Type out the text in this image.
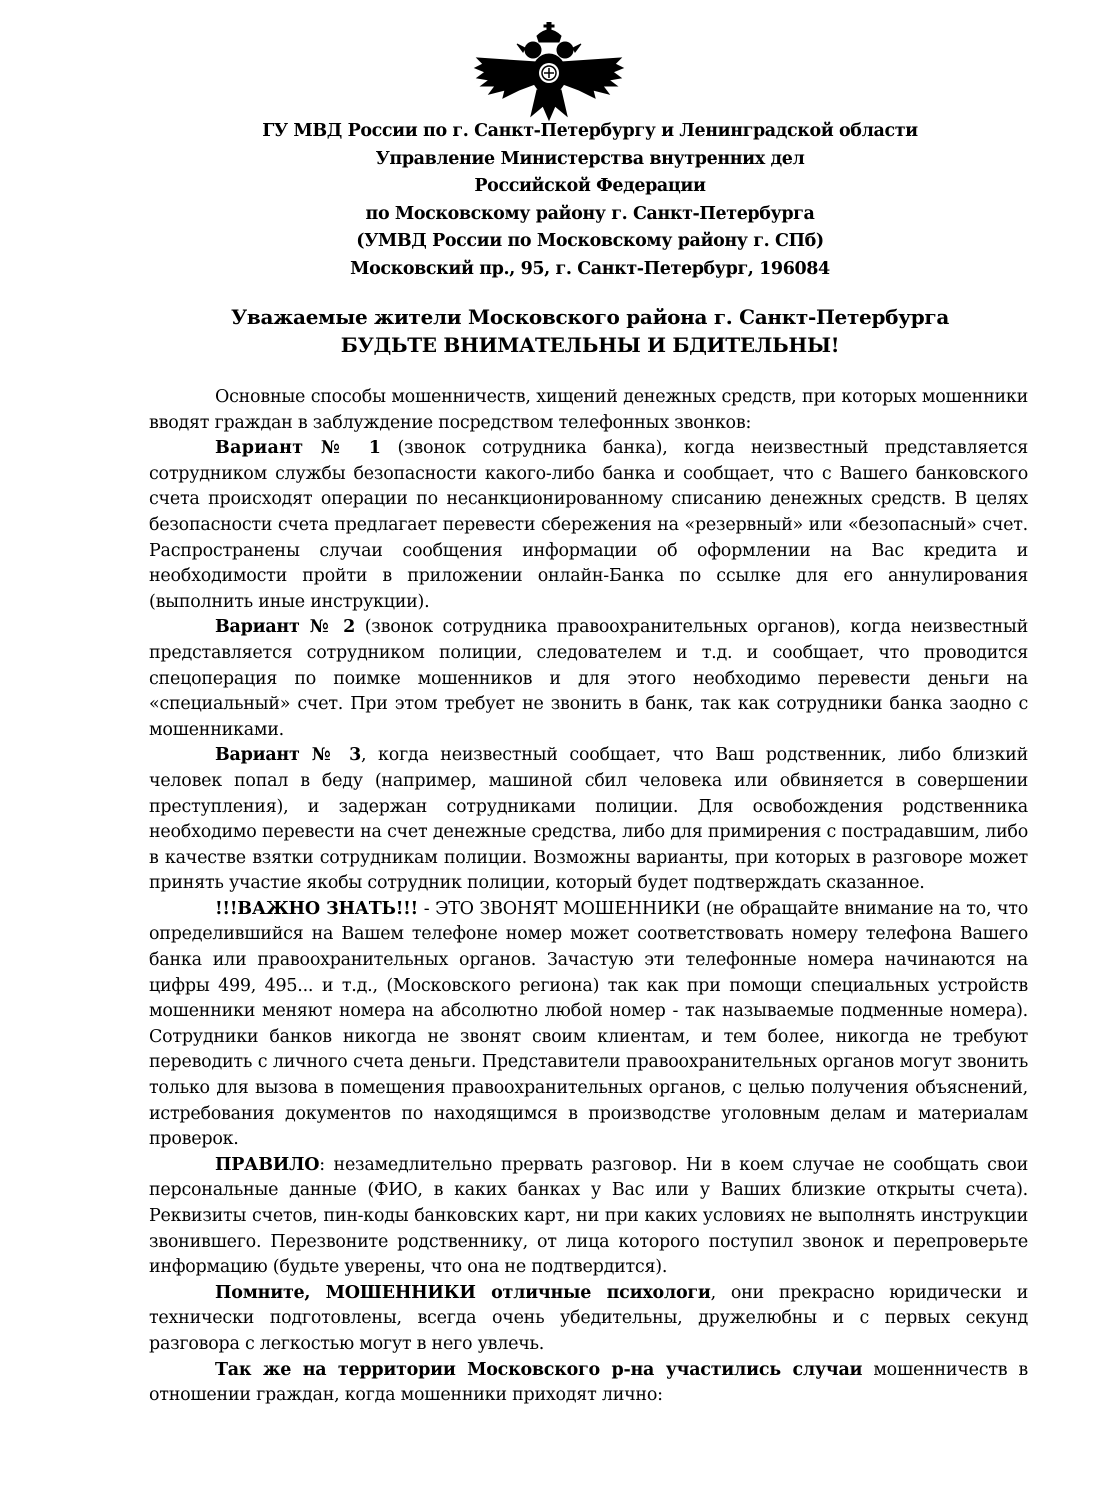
ГУ МВД России по г. Санкт-Петербургу и Ленинградской области
Управление Министерства внутренних дел
Российской Федерации
по Московскому району г. Санкт-Петербурга
(УМВД России по Московскому району г. СПб)
Московский пр., 95, г. Санкт-Петербург, 196084
Уважаемые жители Московского района г. Санкт-Петербурга
БУДЬТЕ ВНИМАТЕЛЬНЫ И БДИТЕЛЬНЫ!

Основные способы мошенничеств, хищений денежных средств, при которых мошенники вводят граждан в заблуждение посредством телефонных звонков:

Вариант № 1 (звонок сотрудника банка), когда неизвестный представляется сотрудником службы безопасности какого-либо банка и сообщает, что с Вашего банковского счета происходят операции по несанкционированному списанию денежных средств. В целях безопасности счета предлагает перевести сбережения на «резервный» или «безопасный» счет. Распространены случаи сообщения информации об оформлении на Вас кредита и необходимости пройти в приложении онлайн-Банка по ссылке для его аннулирования (выполнить иные инструкции).

Вариант № 2 (звонок сотрудника правоохранительных органов), когда неизвестный представляется сотрудником полиции, следователем и т.д. и сообщает, что проводится спецоперация по поимке мошенников и для этого необходимо перевести деньги на «специальный» счет. При этом требует не звонить в банк, так как сотрудники банка заодно с мошенниками.

Вариант № 3, когда неизвестный сообщает, что Ваш родственник, либо близкий человек попал в беду (например, машиной сбил человека или обвиняется в совершении преступления), и задержан сотрудниками полиции. Для освобождения родственника необходимо перевести на счет денежные средства, либо для примирения с пострадавшим, либо в качестве взятки сотрудникам полиции. Возможны варианты, при которых в разговоре может принять участие якобы сотрудник полиции, который будет подтверждать сказанное.

!!!ВАЖНО ЗНАТЬ!!! - ЭТО ЗВОНЯТ МОШЕННИКИ (не обращайте внимание на то, что определившийся на Вашем телефоне номер может соответствовать номеру телефона Вашего банка или правоохранительных органов. Зачастую эти телефонные номера начинаются на цифры 499, 495... и т.д., (Московского региона) так как при помощи специальных устройств мошенники меняют номера на абсолютно любой номер - так называемые подменные номера). Сотрудники банков никогда не звонят своим клиентам, и тем более, никогда не требуют переводить с личного счета деньги. Представители правоохранительных органов могут звонить только для вызова в помещения правоохранительных органов, с целью получения объяснений, истребования документов по находящимся в производстве уголовным делам и материалам проверок.

ПРАВИЛО: незамедлительно прервать разговор. Ни в коем случае не сообщать свои персональные данные (ФИО, в каких банках у Вас или у Ваших близкие открыты счета). Реквизиты счетов, пин-коды банковских карт, ни при каких условиях не выполнять инструкции звонившего. Перезвоните родственнику, от лица которого поступил звонок и перепроверьте информацию (будьте уверены, что она не подтвердится).

Помните, МОШЕННИКИ отличные психологи, они прекрасно юридически и технически подготовлены, всегда очень убедительны, дружелюбны и с первых секунд разговора с легкостью могут в него увлечь.

Так же на территории Московского р-на участились случаи мошенничеств в отношении граждан, когда мошенники приходят лично:
